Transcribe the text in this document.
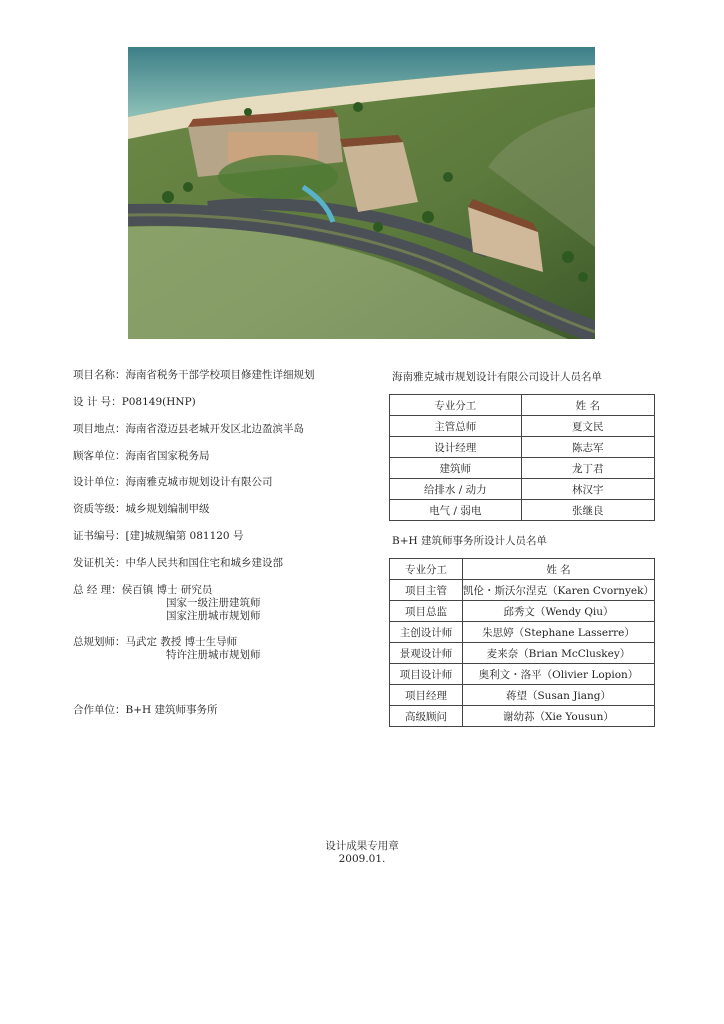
项目名称：海南省税务干部学校项目修建性详细规划
设 计 号：P08149(HNP)
项目地点：海南省澄迈县老城开发区北边盈滨半岛
顾客单位：海南省国家税务局
设计单位：海南雅克城市规划设计有限公司
资质等级：城乡规划编制甲级
证书编号：[建]城规编第 081120 号
发证机关：中华人民共和国住宅和城乡建设部
总 经 理：侯百镇 博士 研究员
国家一级注册建筑师
国家注册城市规划师
总规划师：马武定 教授 博士生导师
特许注册城市规划师
合作单位：B+H 建筑师事务所
海南雅克城市规划设计有限公司设计人员名单
专业分工	姓 名
主管总师	夏文民
设计经理	陈志军
建筑师	龙丁君
给排水 / 动力	林汉宇
电气 / 弱电	张继良
B+H 建筑师事务所设计人员名单
专业分工	姓 名
项目主管	凯伦・斯沃尔涅克（Karen Cvornyek）
项目总监	邱秀文（Wendy Qiu）
主创设计师	朱思婷（Stephane Lasserre）
景观设计师	麦来奈（Brian McCluskey）
项目设计师	奥利文・洛平（Olivier Lopion）
项目经理	蒋望（Susan Jiang）
高级顾问	谢幼荪（Xie Yousun）
设计成果专用章
2009.01.
